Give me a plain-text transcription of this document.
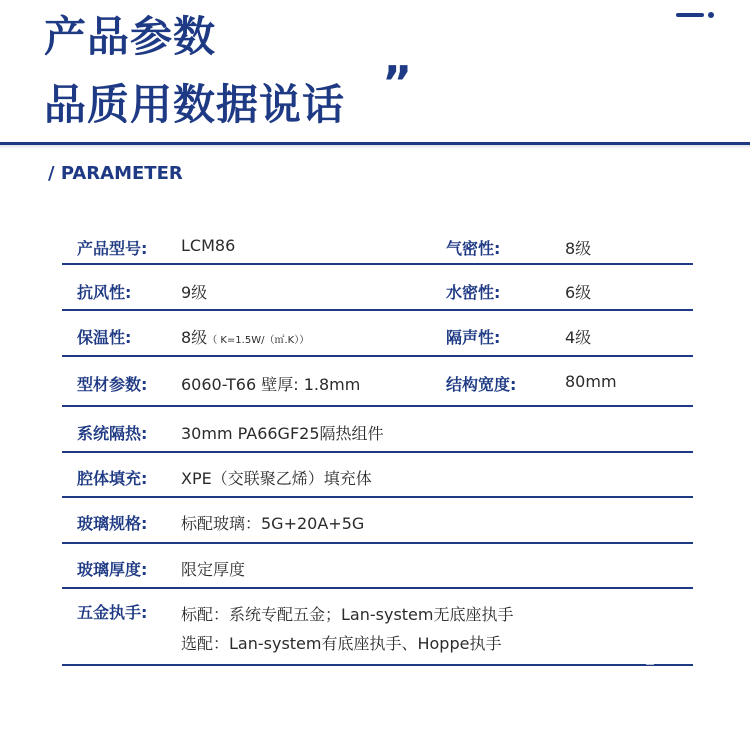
产品参数
品质用数据说话 ”
/ PARAMETER
产品型号: LCM86	气密性:	8级
抗风性:	9级	水密性:	6级
保温性:	8级（ K=1.5W/（㎡.K））	隔声性:	4级
型材参数: 6060-T66 壁厚: 1.8mm	结构宽度:	80mm
系统隔热: 30mm PA66GF25隔热组件
腔体填充: XPE（交联聚乙烯）填充体
玻璃规格: 标配玻璃：5G+20A+5G
玻璃厚度: 限定厚度
五金执手: 标配：系统专配五金；Lan-system无底座执手
选配：Lan-system有底座执手、Hoppe执手
